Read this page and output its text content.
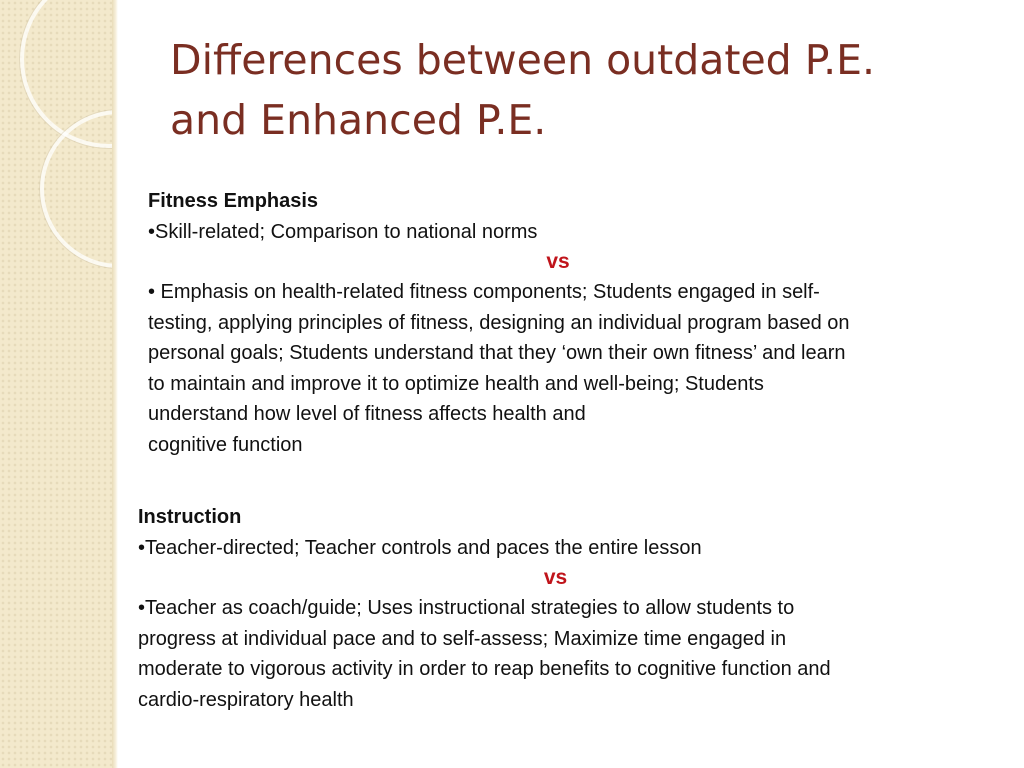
Differences between outdated P.E.
and Enhanced P.E.

Fitness Emphasis

•Skill-related; Comparison to national norms

vs

• Emphasis on health-related fitness components; Students engaged in self-

testing, applying principles of fitness, designing an individual program based on

personal goals; Students understand that they ‘own their own fitness’ and learn

to maintain and improve it to optimize health and well-being; Students

understand how level of fitness affects health and

cognitive function

Instruction

•Teacher-directed; Teacher controls and paces the entire lesson

vs

•Teacher as coach/guide; Uses instructional strategies to allow students to

progress at individual pace and to self-assess; Maximize time engaged in

moderate to vigorous activity in order to reap benefits to cognitive function and

cardio-respiratory health
